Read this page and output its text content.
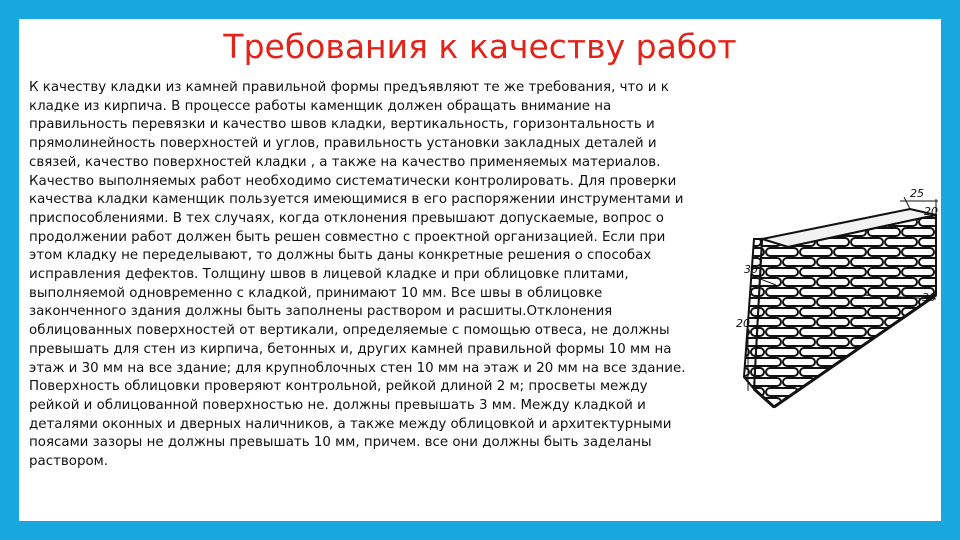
Требования к качеству работ

К качеству кладки из камней правильной формы предъявляют те же требования, что и к
кладке из кирпича. В процессе работы каменщик должен обращать внимание на
правильность перевязки и качество швов кладки, вертикальность, горизонтальность и
прямолинейность поверхностей и углов, правильность установки закладных деталей и
связей, качество поверхностей кладки , а также на качество применяемых материалов.
Качество выполняемых работ необходимо систематически контролировать. Для проверки
качества кладки каменщик пользуется имеющимися в его распоряжении инструментами и
приспособлениями. В тех случаях, когда отклонения превышают допускаемые, вопрос о
продолжении работ должен быть решен совместно с проектной организацией. Если при
этом кладку не переделывают, то должны быть даны конкретные решения о способах
исправления дефектов. Толщину швов в лицевой кладке и при облицовке плитами,
выполняемой одновременно с кладкой, принимают 10 мм. Все швы в облицовке
законченного здания должны быть заполнены раствором и расшиты.Отклонения
облицованных поверхностей от вертикали, определяемые с помощью отвеса, не должны
превышать для стен из кирпича, бетонных и, других камней правильной формы 10 мм на
этаж и 30 мм на все здание; для крупноблочных стен 10 мм на этаж и 20 мм на все здание.
Поверхность облицовки проверяют контрольной, рейкой длиной 2 м; просветы между
рейкой и облицованной поверхностью не. должны превышать 3 мм. Между кладкой и
деталями оконных и дверных наличников, а также между облицовкой и архитектурными
поясами зазоры не должны превышать 10 мм, причем. все они должны быть заделаны
раствором.

25
20
30
30
20
